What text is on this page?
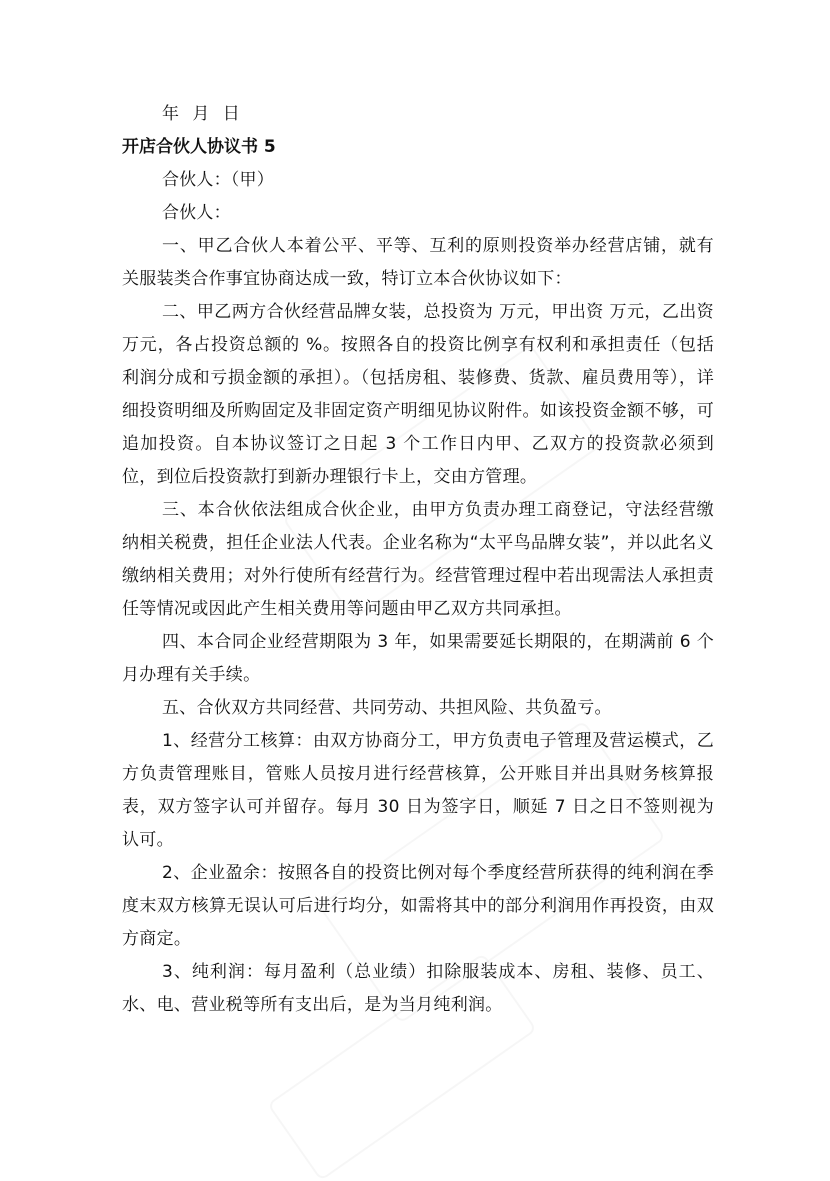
年 月 日
开店合伙人协议书 5
合伙人：（甲）
合伙人：
一、甲乙合伙人本着公平、平等、互利的原则投资举办经营店铺，就有关服装类合作事宜协商达成一致，特订立本合伙协议如下：
二、甲乙两方合伙经营品牌女装，总投资为 万元，甲出资 万元，乙出资 万元，各占投资总额的 %。按照各自的投资比例享有权利和承担责任（包括利润分成和亏损金额的承担）。（包括房租、装修费、货款、雇员费用等），详细投资明细及所购固定及非固定资产明细见协议附件。如该投资金额不够，可追加投资。自本协议签订之日起 3 个工作日内甲、乙双方的投资款必须到位，到位后投资款打到新办理银行卡上，交由方管理。
三、本合伙依法组成合伙企业，由甲方负责办理工商登记，守法经营缴纳相关税费，担任企业法人代表。企业名称为“太平鸟品牌女装”，并以此名义缴纳相关费用；对外行使所有经营行为。经营管理过程中若出现需法人承担责任等情况或因此产生相关费用等问题由甲乙双方共同承担。
四、本合同企业经营期限为 3 年，如果需要延长期限的，在期满前 6 个月办理有关手续。
五、合伙双方共同经营、共同劳动、共担风险、共负盈亏。
1、经营分工核算：由双方协商分工，甲方负责电子管理及营运模式，乙方负责管理账目，管账人员按月进行经营核算，公开账目并出具财务核算报表，双方签字认可并留存。每月 30 日为签字日，顺延 7 日之日不签则视为认可。
2、企业盈余：按照各自的投资比例对每个季度经营所获得的纯利润在季度末双方核算无误认可后进行均分，如需将其中的部分利润用作再投资，由双方商定。
3、纯利润：每月盈利（总业绩）扣除服装成本、房租、装修、员工、水、电、营业税等所有支出后，是为当月纯利润。
